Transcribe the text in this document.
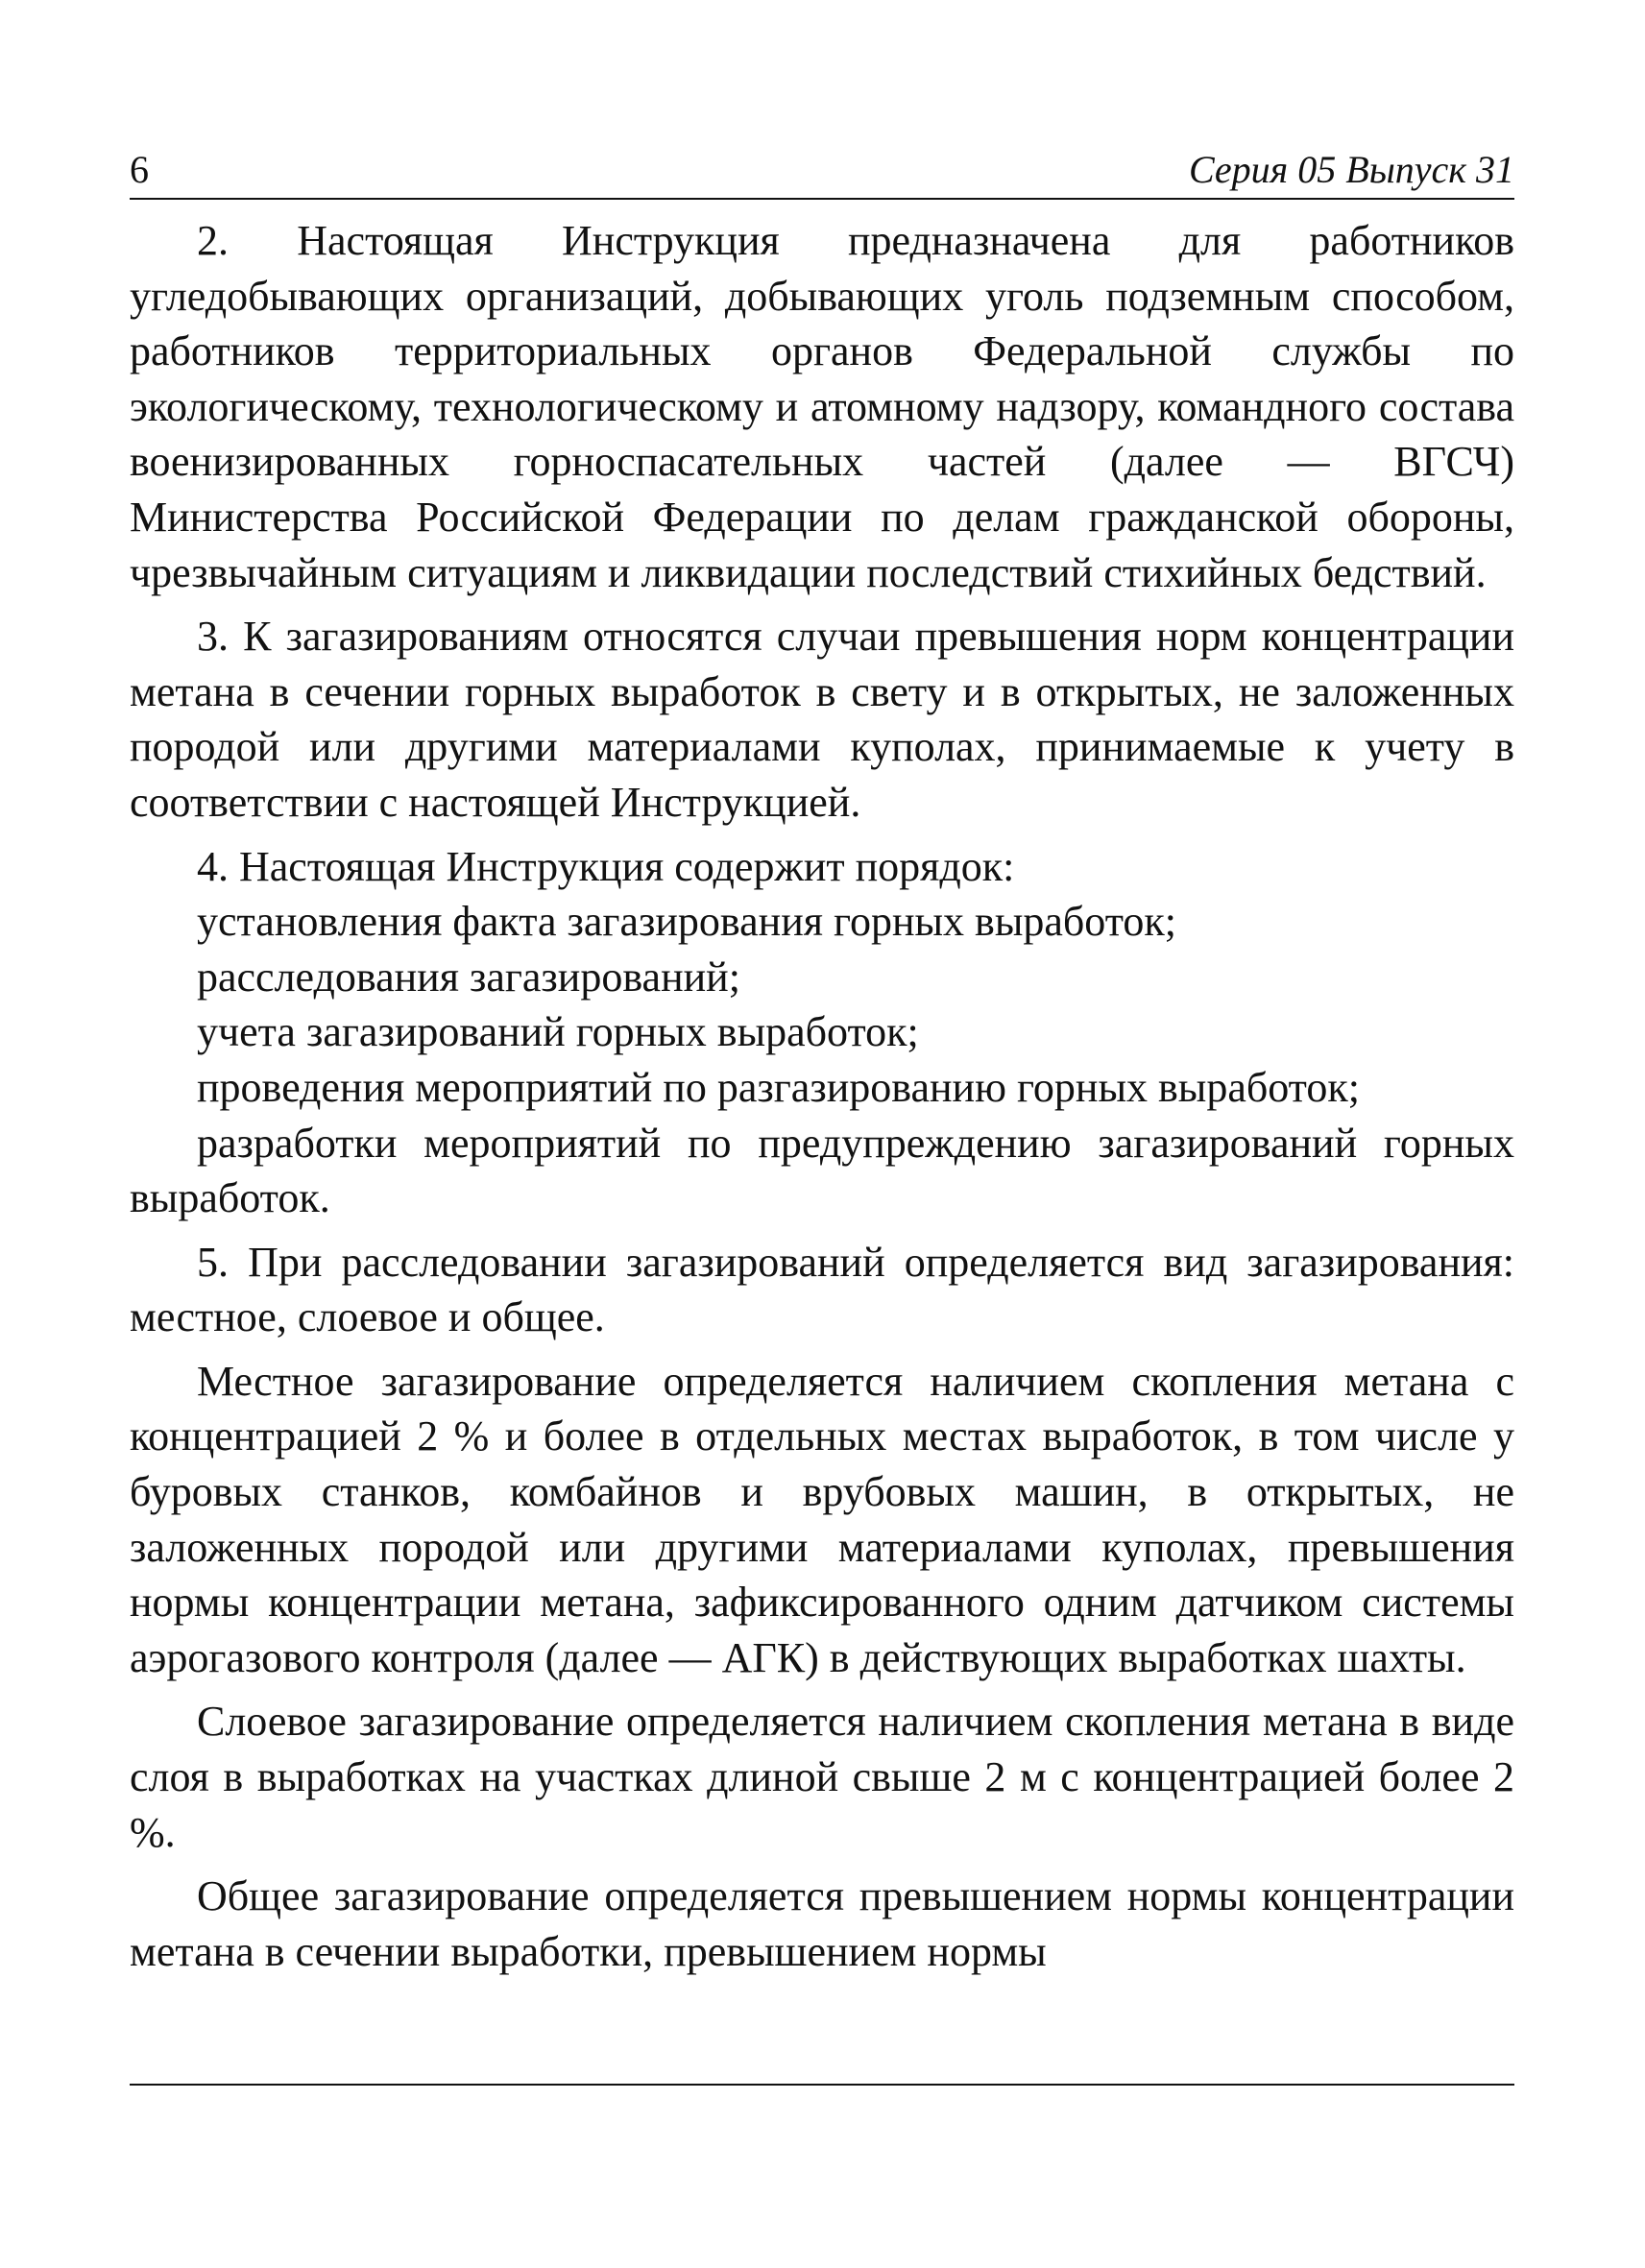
6	Серия 05 Выпуск 31

2. Настоящая Инструкция предназначена для работников угледобывающих организаций, добывающих уголь подземным способом, работников территориальных органов Федеральной службы по экологическому, технологическому и атомному надзору, командного состава военизированных горноспасательных частей (далее — ВГСЧ) Министерства Российской Федерации по делам гражданской обороны, чрезвычайным ситуациям и ликвидации последствий стихийных бедствий.

3. К загазированиям относятся случаи превышения норм концентрации метана в сечении горных выработок в свету и в открытых, не заложенных породой или другими материалами куполах, принимаемые к учету в соответствии с настоящей Инструкцией.

4. Настоящая Инструкция содержит порядок:

установления факта загазирования горных выработок;

расследования загазирований;

учета загазирований горных выработок;

проведения мероприятий по разгазированию горных выработок;

разработки мероприятий по предупреждению загазирований горных выработок.

5. При расследовании загазирований определяется вид загазирования: местное, слоевое и общее.

Местное загазирование определяется наличием скопления метана с концентрацией 2 % и более в отдельных местах выработок, в том числе у буровых станков, комбайнов и врубовых машин, в открытых, не заложенных породой или другими материалами куполах, превышения нормы концентрации метана, зафиксированного одним датчиком системы аэрогазового контроля (далее — АГК) в действующих выработках шахты.

Слоевое загазирование определяется наличием скопления метана в виде слоя в выработках на участках длиной свыше 2 м с концентрацией более 2 %.

Общее загазирование определяется превышением нормы концентрации метана в сечении выработки, превышением нормы
